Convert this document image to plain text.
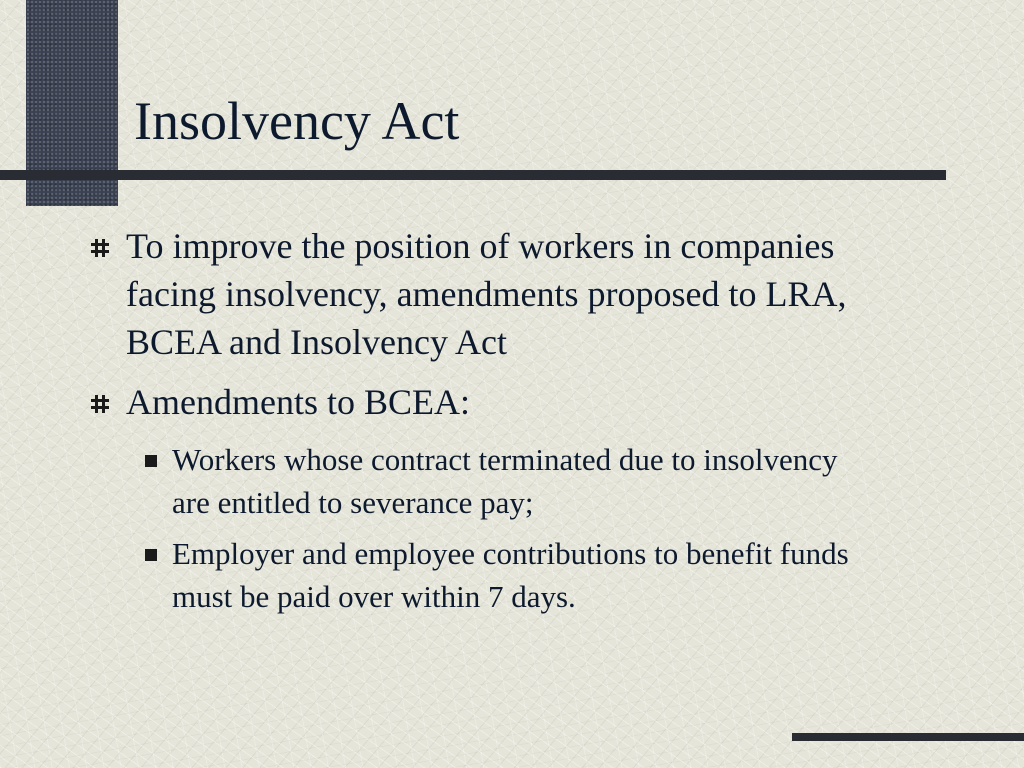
Insolvency Act
To improve the position of workers in companies facing insolvency, amendments proposed to LRA, BCEA and Insolvency Act
Amendments to BCEA:
Workers whose contract terminated due to insolvency are entitled to severance pay;
Employer and employee contributions to benefit funds must be paid over within 7 days.
